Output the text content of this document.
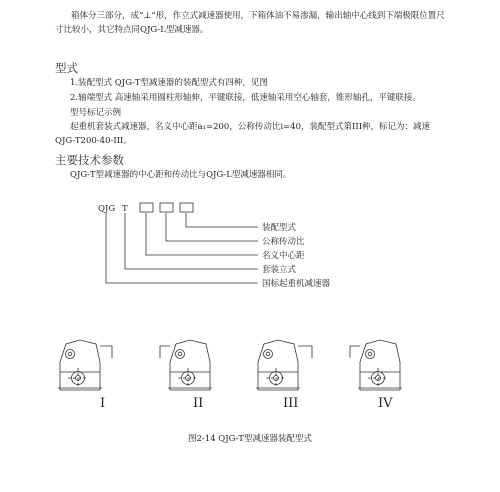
箱体分三部分，成“⊥”形，作立式减速器使用，下箱体油不易渗漏，输出轴中心线到下端极限位置尺
寸比较小，其它特点同QJG-L型减速器。
型式
1.装配型式 QJG-T型减速器的装配型式有四种，见图
2.轴端型式 高速轴采用圆柱形轴伸，平键联接，低速轴采用空心轴套，锥形轴孔，平键联接。
型号标记示例
起重机套装式减速器，名义中心距a₁=200，公称传动比i=40，装配型式第III种，标记为：减速
QJG-T200-40-III。
主要技术参数
QJG-T型减速器的中心距和传动比与QJG-L型减速器相同。
QJG T
装配型式
公称传动比
名义中心距
套装立式
国标起重机减速器
I	II	III	IV
图2-14 QJG-T型减速器装配型式
